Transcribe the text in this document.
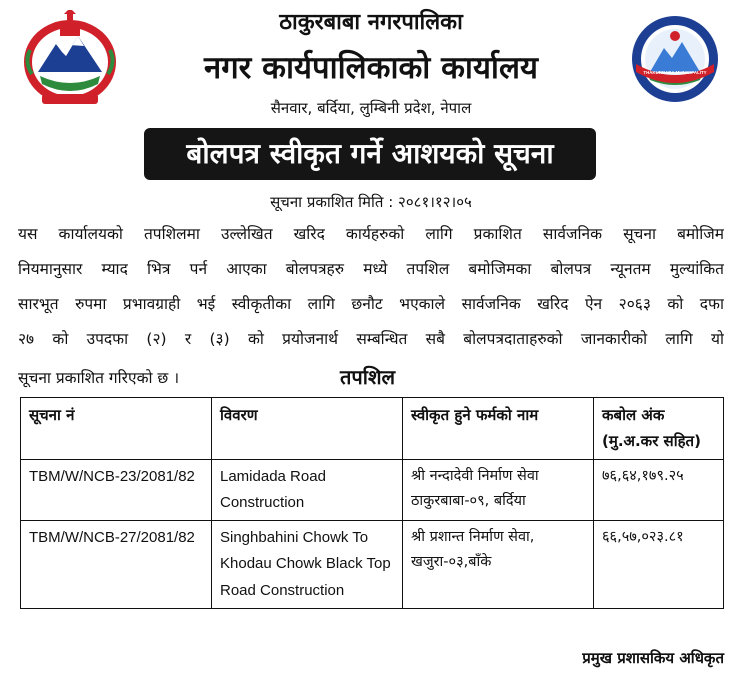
THAKURBABA MUNICIPALITY
ठाकुरबाबा नगरपालिका
नगर कार्यपालिकाको कार्यालय
सैनवार, बर्दिया, लुम्बिनी प्रदेश, नेपाल
बोलपत्र स्वीकृत गर्ने आशयको सूचना
सूचना प्रकाशित मिति : २०८१।१२।०५
यस कार्यालयको तपशिलमा उल्लेखित खरिद कार्यहरुको लागि प्रकाशित सार्वजनिक सूचना बमोजिम
नियमानुसार म्याद भित्र पर्न आएका बोलपत्रहरु मध्ये तपशिल बमोजिमका बोलपत्र न्यूनतम मुल्यांकित
सारभूत रुपमा प्रभावग्राही भई स्वीकृतीका लागि छनौट भएकाले सार्वजनिक खरिद ऐन २०६३ को दफा
२७ को उपदफा (२) र (३) को प्रयोजनार्थ सम्बन्धित सबै बोलपत्रदाताहरुको जानकारीको लागि यो
सूचना प्रकाशित गरिएको छ ।	तपशिल
सूचना नं	विवरण	स्वीकृत हुने फर्मको नाम	कबोल अंक (मु.अ.कर सहित)
TBM/W/NCB-23/2081/82	Lamidada Road Construction	श्री नन्दादेवी निर्माण सेवा ठाकुरबाबा-०९, बर्दिया	७६,६४,१७९.२५
TBM/W/NCB-27/2081/82	Singhbahini Chowk To Khodau Chowk Black Top Road Construction	श्री प्रशान्त निर्माण सेवा, खजुरा-०३,बाँके	६६,५७,०२३.८१
प्रमुख प्रशासकिय अधिकृत
